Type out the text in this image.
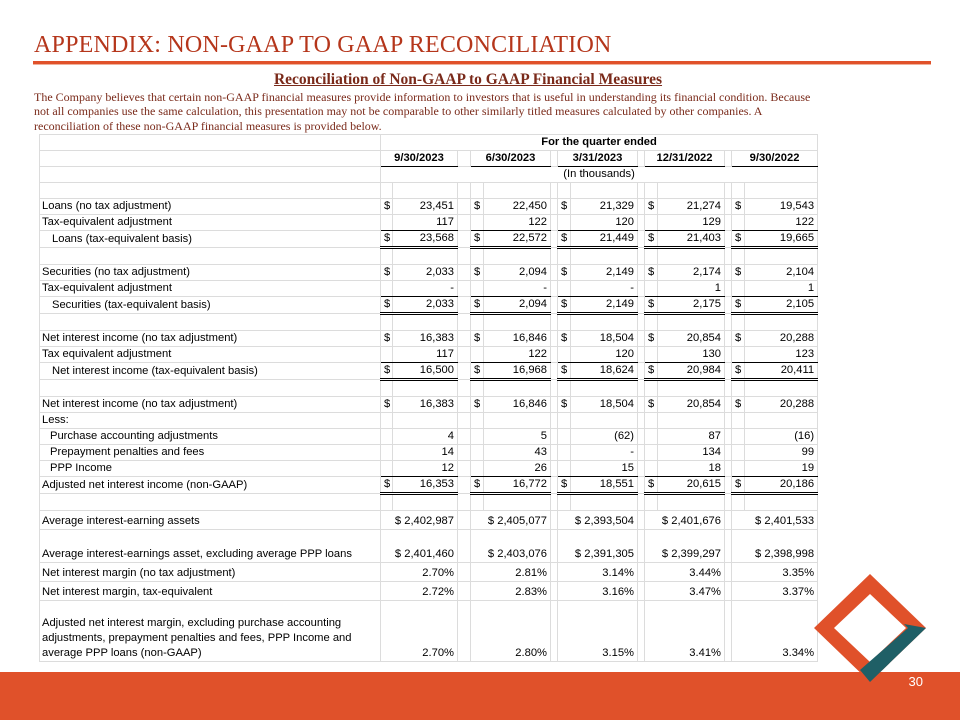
APPENDIX: NON-GAAP TO GAAP RECONCILIATION
Reconciliation of Non-GAAP to GAAP Financial Measures
The Company believes that certain non-GAAP financial measures provide information to investors that is useful in understanding its financial condition. Because not all companies use the same calculation, this presentation may not be comparable to other similarly titled measures calculated by other companies. A reconciliation of these non-GAAP financial measures is provided below.
	For the quarter ended													
	9/30/2023			6/30/2023			3/31/2023			12/31/2022			9/30/2022	
	(In thousands)													

Loans (no tax adjustment)	$	23,451		$	22,450		$	21,329		$	21,274		$	19,543
Tax-equivalent adjustment		117			122			120			129			122
Loans (tax-equivalent basis)	$	23,568		$	22,572		$	21,449		$	21,403		$	19,665

Securities (no tax adjustment)	$	2,033		$	2,094		$	2,149		$	2,174		$	2,104
Tax-equivalent adjustment		-			-			-			1			1
Securities (tax-equivalent basis)	$	2,033		$	2,094		$	2,149		$	2,175		$	2,105

Net interest income (no tax adjustment)	$	16,383		$	16,846		$	18,504		$	20,854		$	20,288
Tax equivalent adjustment		117			122			120			130			123
Net interest income (tax-equivalent basis)	$	16,500		$	16,968		$	18,624		$	20,984		$	20,411

Net interest income (no tax adjustment)	$	16,383		$	16,846		$	18,504		$	20,854		$	20,288
Less:														
Purchase accounting adjustments		4			5			(62)			87			(16)
Prepayment penalties and fees		14			43			-			134			99
PPP Income		12			26			15			18			19
Adjusted net interest income (non-GAAP)	$	16,353		$	16,772		$	18,551		$	20,615		$	20,186

Average interest-earning assets	$ 2,402,987			$ 2,405,077			$ 2,393,504			$ 2,401,676			$ 2,401,533	
Average interest-earnings asset, excluding average PPP loans	$ 2,401,460			$ 2,403,076			$ 2,391,305			$ 2,399,297			$ 2,398,998	
Net interest margin (no tax adjustment)	2.70%			2.81%			3.14%			3.44%			3.35%	
Net interest margin, tax-equivalent	2.72%			2.83%			3.16%			3.47%			3.37%	
Adjusted net interest margin, excluding purchase accounting adjustments, prepayment penalties and fees, PPP Income and average PPP loans (non-GAAP)	2.70%			2.80%			3.15%			3.41%			3.34%	
30
